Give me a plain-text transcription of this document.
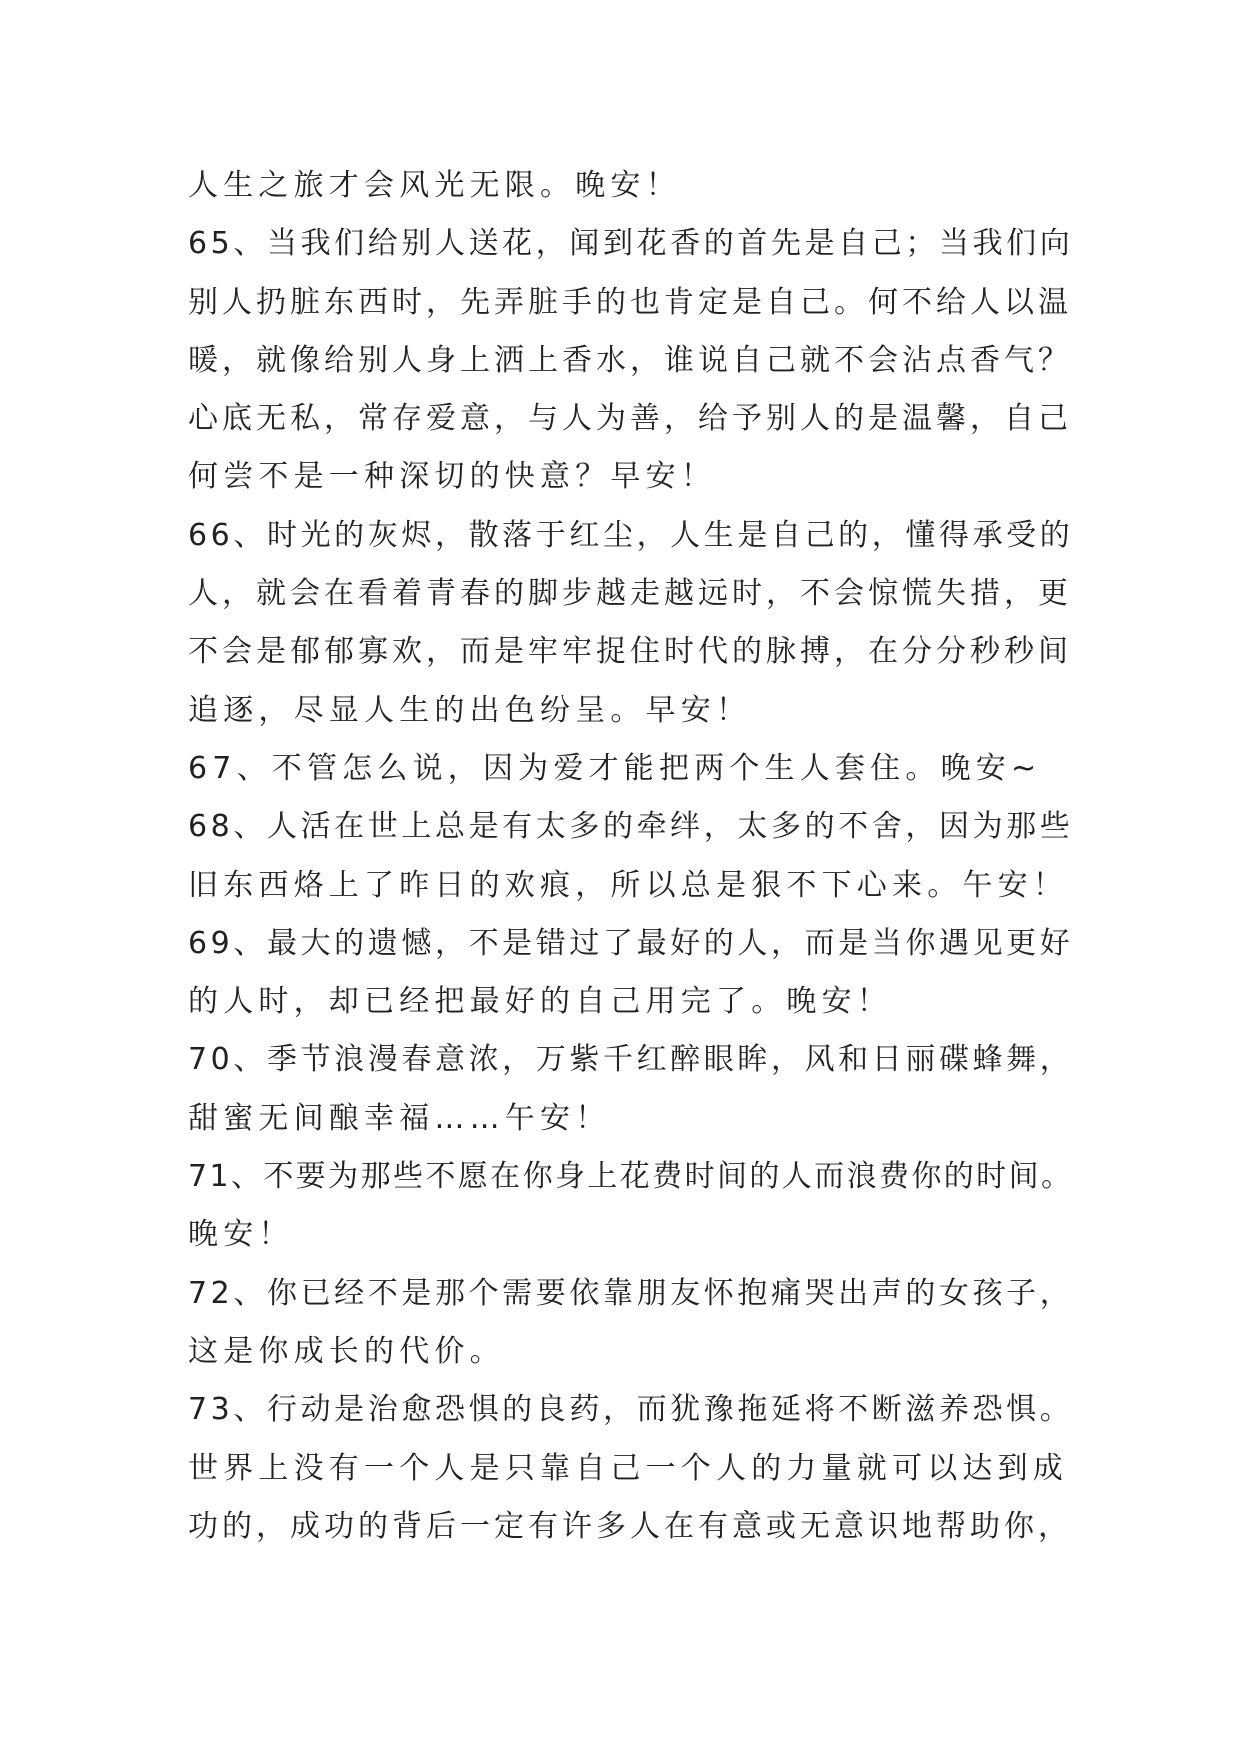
人生之旅才会风光无限。晚安！
65、当我们给别人送花，闻到花香的首先是自己；当我们向
别人扔脏东西时，先弄脏手的也肯定是自己。何不给人以温
暖，就像给别人身上洒上香水，谁说自己就不会沾点香气？
心底无私，常存爱意，与人为善，给予别人的是温馨，自己
何尝不是一种深切的快意？早安！
66、时光的灰烬，散落于红尘，人生是自己的，懂得承受的
人，就会在看着青春的脚步越走越远时，不会惊慌失措，更
不会是郁郁寡欢，而是牢牢捉住时代的脉搏，在分分秒秒间
追逐，尽显人生的出色纷呈。早安！
67、不管怎么说，因为爱才能把两个生人套住。晚安~
68、人活在世上总是有太多的牵绊，太多的不舍，因为那些
旧东西烙上了昨日的欢痕，所以总是狠不下心来。午安！
69、最大的遗憾，不是错过了最好的人，而是当你遇见更好
的人时，却已经把最好的自己用完了。晚安！
70、季节浪漫春意浓，万紫千红醉眼眸，风和日丽碟蜂舞，
甜蜜无间酿幸福……午安！
71、不要为那些不愿在你身上花费时间的人而浪费你的时间。
晚安！
72、你已经不是那个需要依靠朋友怀抱痛哭出声的女孩子，
这是你成长的代价。
73、行动是治愈恐惧的良药，而犹豫拖延将不断滋养恐惧。
世界上没有一个人是只靠自己一个人的力量就可以达到成
功的，成功的背后一定有许多人在有意或无意识地帮助你，
